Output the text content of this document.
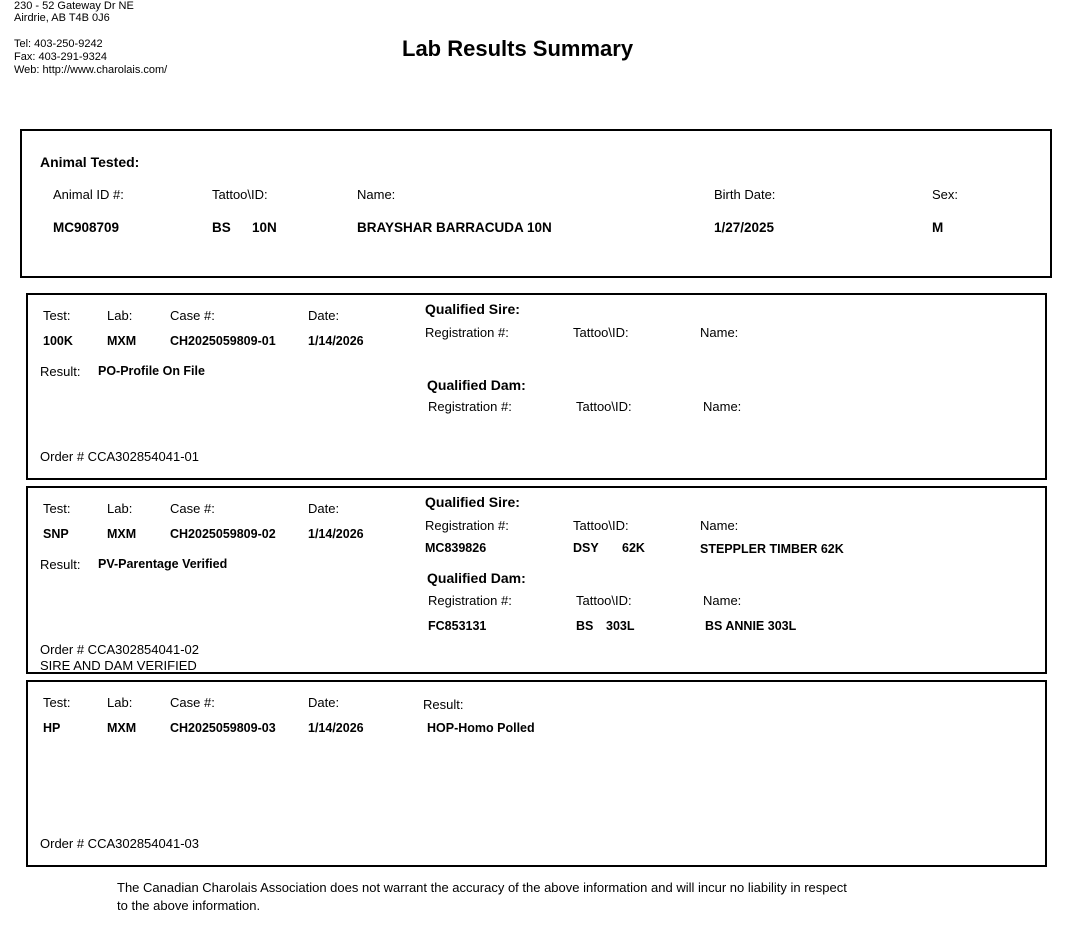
230 - 52 Gateway Dr NE
Airdrie, AB T4B 0J6
Tel: 403-250-9242
Fax: 403-291-9324
Web: http://www.charolais.com/
Lab Results Summary
Animal Tested:
Animal ID #:	Tattoo\ID:	Name:	Birth Date:	Sex:
MC908709	BS 10N	BRAYSHAR BARRACUDA 10N	1/27/2025	M
Test:	Lab:	Case #:	Date:
100K	MXM	CH2025059809-01	1/14/2026
Result: PO-Profile On File
Qualified Sire:
Registration #:	Tattoo\ID:	Name:
Qualified Dam:
Registration #:	Tattoo\ID:	Name:
Order # CCA302854041-01
Test:	Lab:	Case #:	Date:
SNP	MXM	CH2025059809-02	1/14/2026
Result: PV-Parentage Verified
Qualified Sire:
Registration #:	Tattoo\ID:	Name:
MC839826	DSY 62K	STEPPLER TIMBER 62K
Qualified Dam:
Registration #:	Tattoo\ID:	Name:
FC853131	BS 303L	BS ANNIE 303L
Order # CCA302854041-02
SIRE AND DAM VERIFIED
Test:	Lab:	Case #:	Date:	Result:
HP	MXM	CH2025059809-03	1/14/2026	HOP-Homo Polled
Order # CCA302854041-03
The Canadian Charolais Association does not warrant the accuracy of the above information and will incur no liability in respect
to the above information.
